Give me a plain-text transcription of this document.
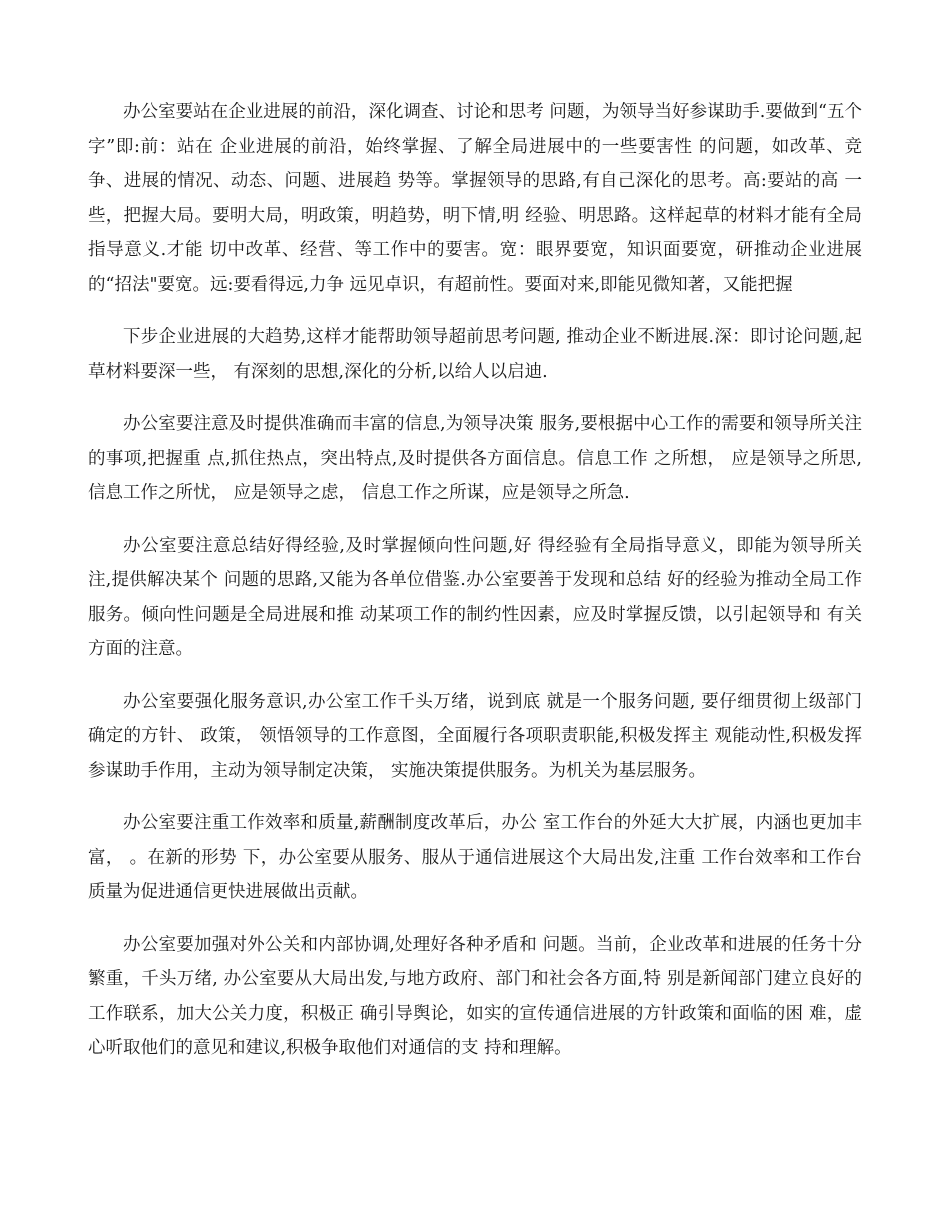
办公室要站在企业进展的前沿，深化调查、讨论和思考 问题，为领导当好参谋助手.要做到“五个字”即:前：站在 企业进展的前沿，始终掌握、了解全局进展中的一些要害性 的问题，如改革、竞争、进展的情况、动态、问题、进展趋 势等。掌握领导的思路,有自己深化的思考。高:要站的高 一些，把握大局。要明大局，明政策，明趋势，明下情,明 经验、明思路。这样起草的材料才能有全局指导意义.才能 切中改革、经营、等工作中的要害。宽：眼界要宽，知识面要宽，研推动企业进展的“招法"要宽。远:要看得远,力争 远见卓识，有超前性。要面对来,即能见微知著，又能把握

下步企业进展的大趋势,这样才能帮助领导超前思考问题, 推动企业不断进展.深：即讨论问题,起草材料要深一些， 有深刻的思想,深化的分析,以给人以启迪.

办公室要注意及时提供准确而丰富的信息,为领导决策 服务,要根据中心工作的需要和领导所关注的事项,把握重 点,抓住热点，突出特点,及时提供各方面信息。信息工作 之所想， 应是领导之所思, 信息工作之所忧， 应是领导之虑， 信息工作之所谋，应是领导之所急.

办公室要注意总结好得经验,及时掌握倾向性问题,好 得经验有全局指导意义，即能为领导所关注,提供解决某个 问题的思路,又能为各单位借鉴.办公室要善于发现和总结 好的经验为推动全局工作服务。倾向性问题是全局进展和推 动某项工作的制约性因素，应及时掌握反馈，以引起领导和 有关方面的注意。

办公室要强化服务意识,办公室工作千头万绪，说到底 就是一个服务问题, 要仔细贯彻上级部门确定的方针、 政策， 领悟领导的工作意图，全面履行各项职责职能,积极发挥主 观能动性,积极发挥参谋助手作用，主动为领导制定决策， 实施决策提供服务。为机关为基层服务。

办公室要注重工作效率和质量,薪酬制度改革后，办公 室工作台的外延大大扩展，内涵也更加丰富， 。在新的形势 下，办公室要从服务、服从于通信进展这个大局出发,注重 工作台效率和工作台质量为促进通信更快进展做出贡献。

办公室要加强对外公关和内部协调,处理好各种矛盾和 问题。当前，企业改革和进展的任务十分繁重，千头万绪, 办公室要从大局出发,与地方政府、部门和社会各方面,特 别是新闻部门建立良好的工作联系，加大公关力度，积极正 确引导舆论，如实的宣传通信进展的方针政策和面临的困 难，虚心听取他们的意见和建议,积极争取他们对通信的支 持和理解。
